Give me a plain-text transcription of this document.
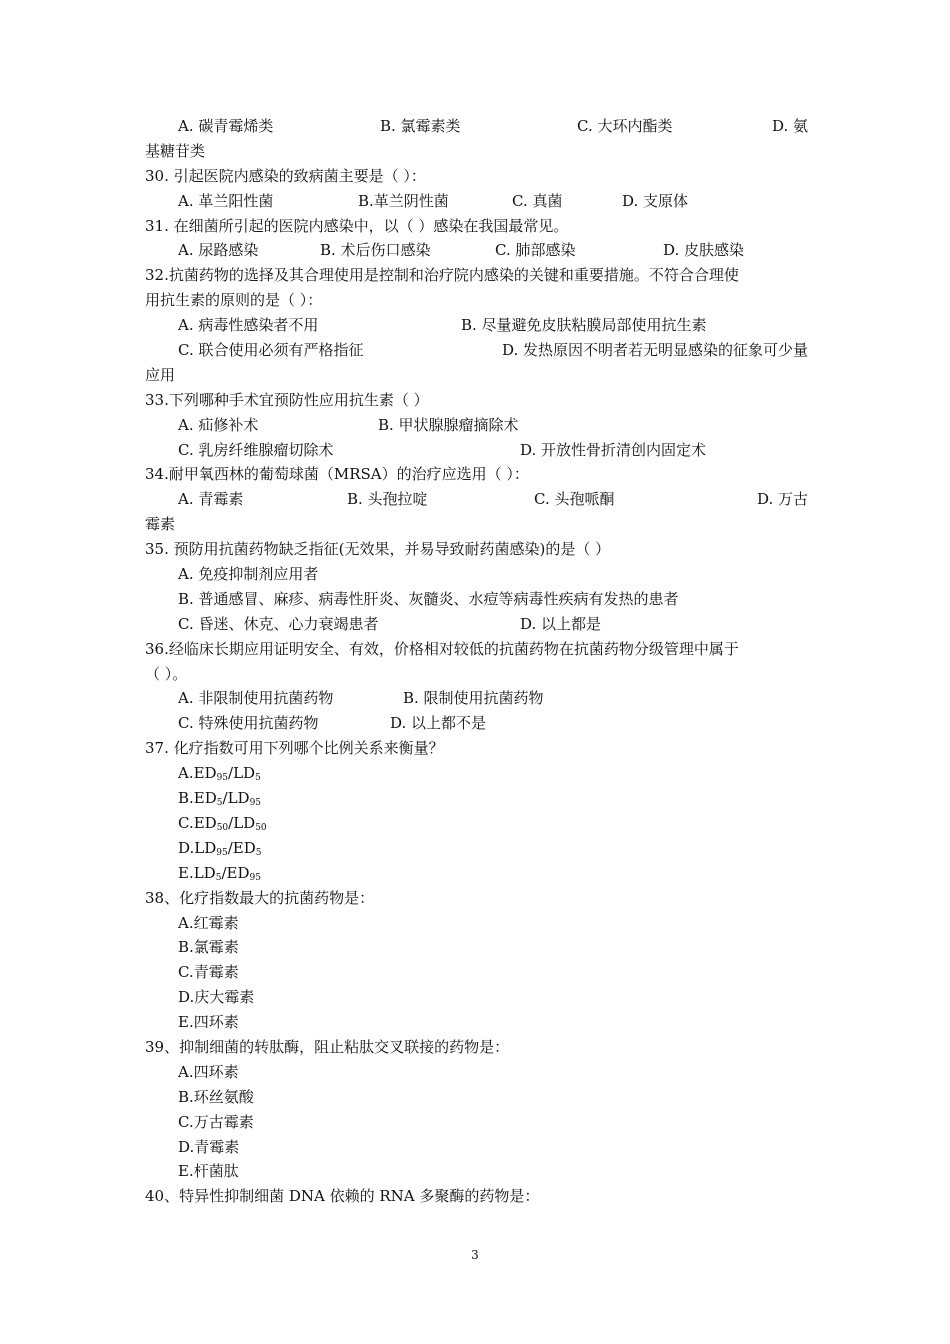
A. 碳青霉烯类	B. 氯霉素类	C. 大环内酯类	D. 氨
基糖苷类
30. 引起医院内感染的致病菌主要是（ ）：
A. 革兰阳性菌	B.革兰阴性菌	C. 真菌	D. 支原体
31. 在细菌所引起的医院内感染中，以（ ）感染在我国最常见。
A. 尿路感染	B. 术后伤口感染	C. 肺部感染	D. 皮肤感染
32.抗菌药物的选择及其合理使用是控制和治疗院内感染的关键和重要措施。不符合合理使
用抗生素的原则的是（ ）：
A. 病毒性感染者不用	B. 尽量避免皮肤粘膜局部使用抗生素
C. 联合使用必须有严格指征	D. 发热原因不明者若无明显感染的征象可少量
应用
33.下列哪种手术宜预防性应用抗生素（ ）
A. 疝修补术	B. 甲状腺腺瘤摘除术
C. 乳房纤维腺瘤切除术	D. 开放性骨折清创内固定术
34.耐甲氧西林的葡萄球菌（MRSA）的治疗应选用（ ）：
A. 青霉素	B. 头孢拉啶	C. 头孢哌酮	D. 万古
霉素
35. 预防用抗菌药物缺乏指征(无效果，并易导致耐药菌感染)的是（ ）
A. 免疫抑制剂应用者
B. 普通感冒、麻疹、病毒性肝炎、灰髓炎、水痘等病毒性疾病有发热的患者
C. 昏迷、休克、心力衰竭患者	D. 以上都是
36.经临床长期应用证明安全、有效，价格相对较低的抗菌药物在抗菌药物分级管理中属于
（ ）。
A. 非限制使用抗菌药物	B. 限制使用抗菌药物
C. 特殊使用抗菌药物	D. 以上都不是
37. 化疗指数可用下列哪个比例关系来衡量？
$A.ED_{95}/LD_5$
$B.ED_5/LD_{95}$
$C.ED_{50}/LD_{50}$
$D.LD_{95}/ED_5$
$E.LD_5/ED_{95}$
38、化疗指数最大的抗菌药物是：
A.红霉素
B.氯霉素
C.青霉素
D.庆大霉素
E.四环素
39、抑制细菌的转肽酶，阻止粘肽交叉联接的药物是：
A.四环素
B.环丝氨酸
C.万古霉素
D.青霉素
E.杆菌肽
40、特异性抑制细菌 DNA 依赖的 RNA 多聚酶的药物是：
3
